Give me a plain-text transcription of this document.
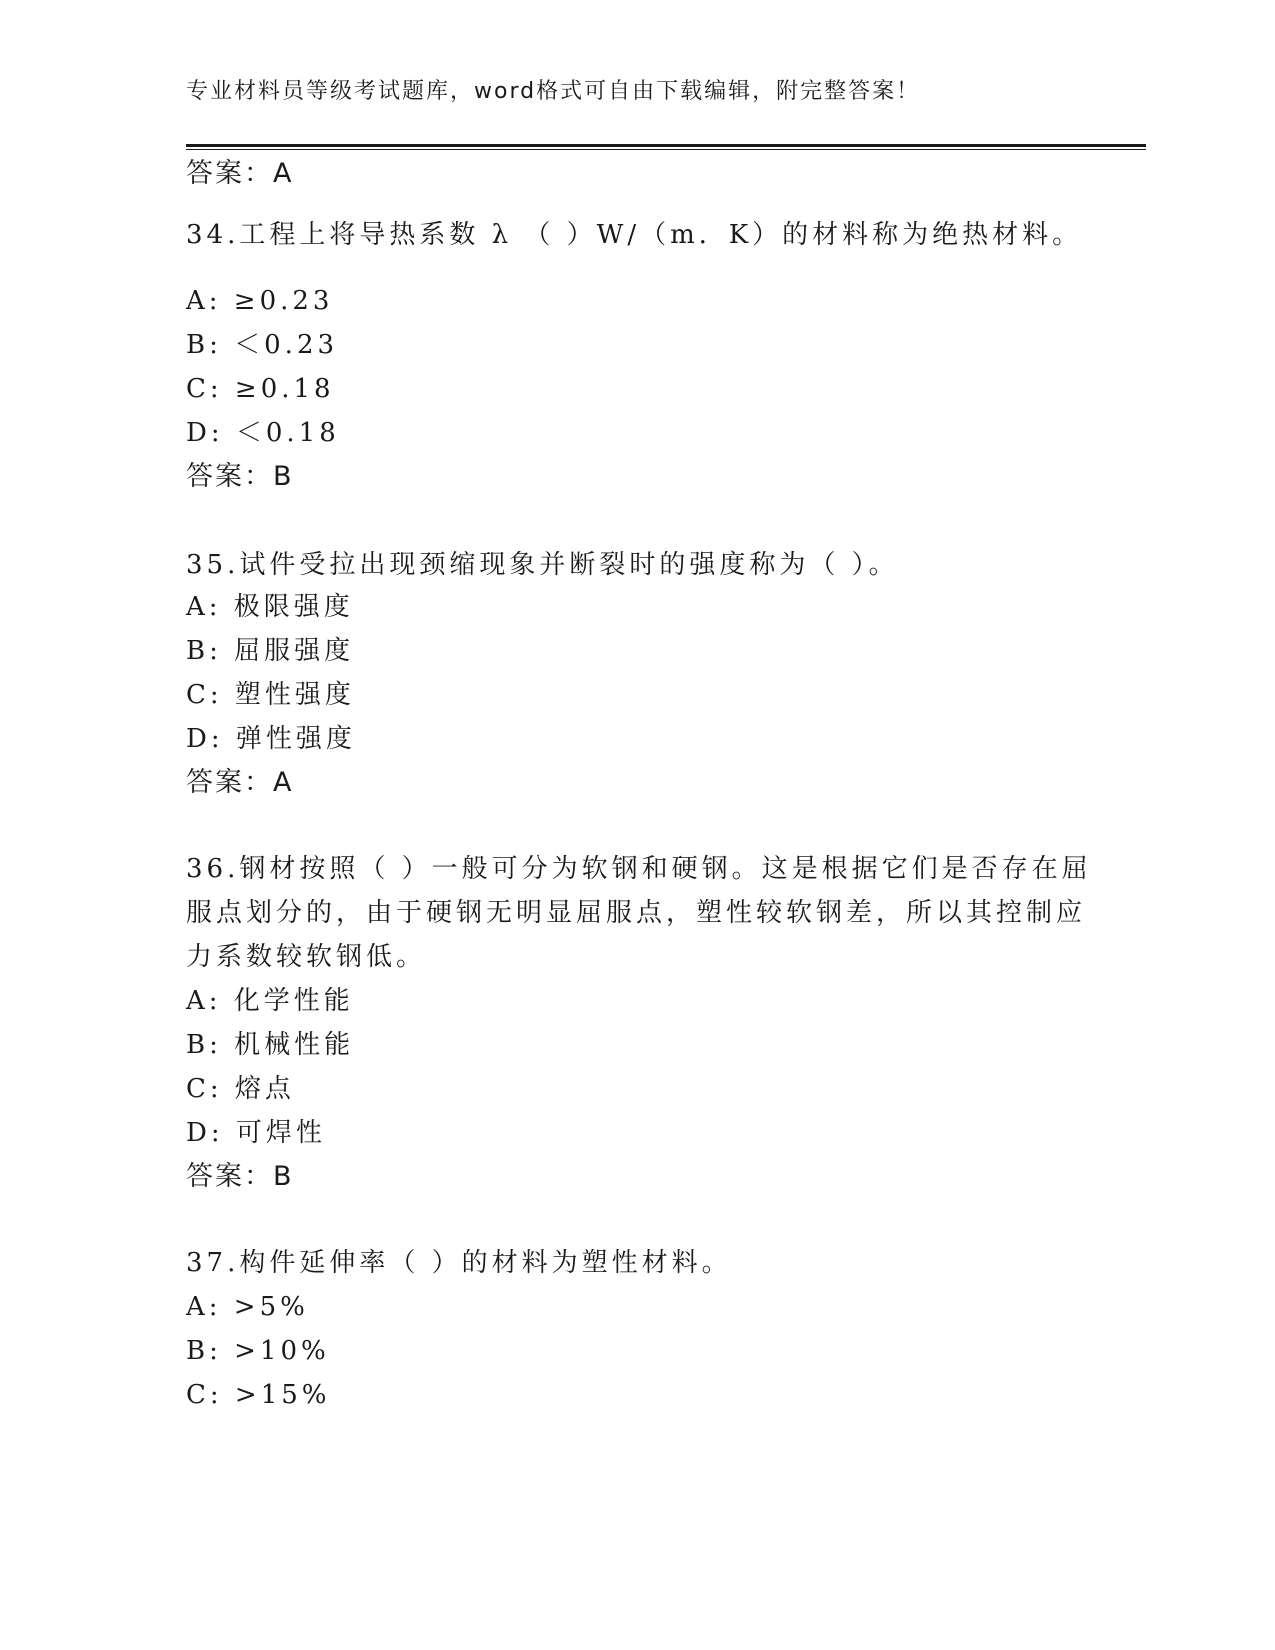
专业材料员等级考试题库，word格式可自由下载编辑，附完整答案！
答案：A
34.工程上将导热系数 λ （ ）W/（m．K）的材料称为绝热材料。
A: ≥0.23
B: ＜0.23
C: ≥0.18
D: ＜0.18
答案：B
35.试件受拉出现颈缩现象并断裂时的强度称为（ ）。
A: 极限强度
B: 屈服强度
C: 塑性强度
D: 弹性强度
答案：A
36.钢材按照（ ）一般可分为软钢和硬钢。这是根据它们是否存在屈
服点划分的，由于硬钢无明显屈服点，塑性较软钢差，所以其控制应
力系数较软钢低。
A: 化学性能
B: 机械性能
C: 熔点
D: 可焊性
答案：B
37.构件延伸率（ ）的材料为塑性材料。
A: >5%
B: >10%
C: >15%
